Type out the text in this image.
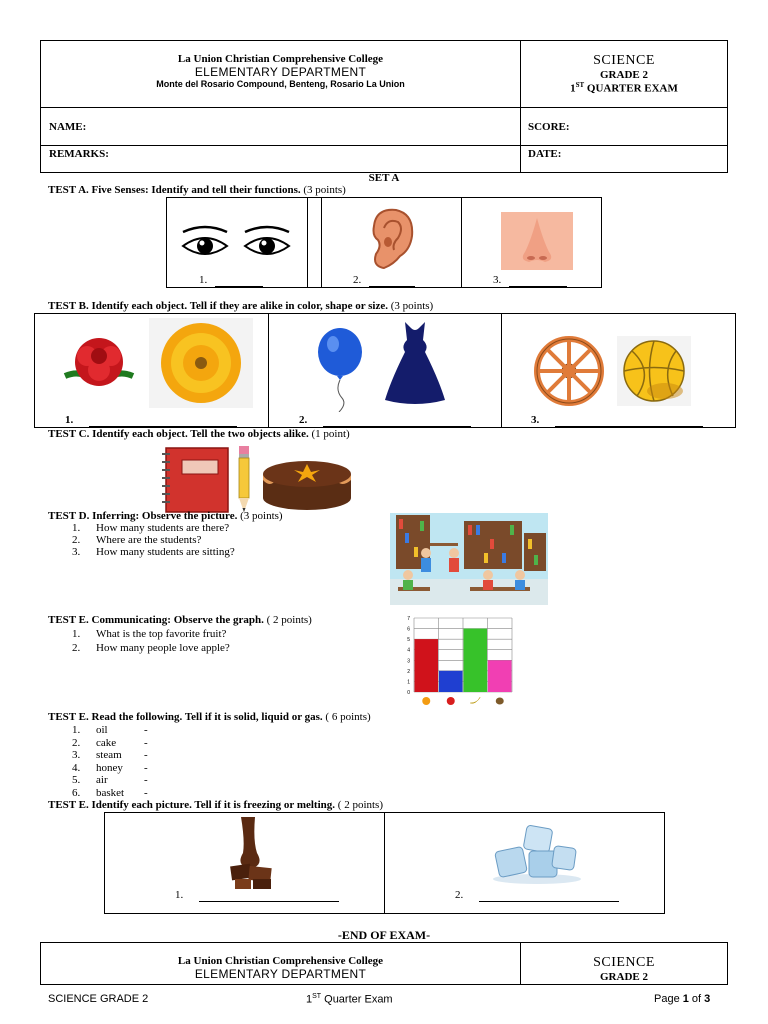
La Union Christian Comprehensive College
ELEMENTARY DEPARTMENT
Monte del Rosario Compound, Benteng, Rosario La Union
SCIENCE
GRADE 2
1ST QUARTER EXAM
NAME:	SCORE:
REMARKS:	DATE:
SET A
TEST A. Five Senses: Identify and tell their functions. (3 points)
1.	2.	3.
TEST B. Identify each object. Tell if they are alike in color, shape or size. (3 points)
1.	2.	3.
TEST C. Identify each object. Tell the two objects alike. (1 point)
TEST D. Inferring: Observe the picture. (3 points)
1. How many students are there?
2. Where are the students?
3. How many students are sitting?
TEST E. Communicating: Observe the graph. ( 2 points)
1. What is the top favorite fruit?
2. How many people love apple?
0
1
2
3
4
5
6
7
TEST E. Read the following. Tell if it is solid, liquid or gas. ( 6 points)
1. oil	-
2. cake	-
3. steam -
4. honey -
5. air	-
6. basket -
TEST E. Identify each picture. Tell if it is freezing or melting. ( 2 points)
1.	2.
-END OF EXAM-
La Union Christian Comprehensive College
ELEMENTARY DEPARTMENT
SCIENCE
GRADE 2
SCIENCE GRADE 2	1ST Quarter Exam	Page 1 of 3
